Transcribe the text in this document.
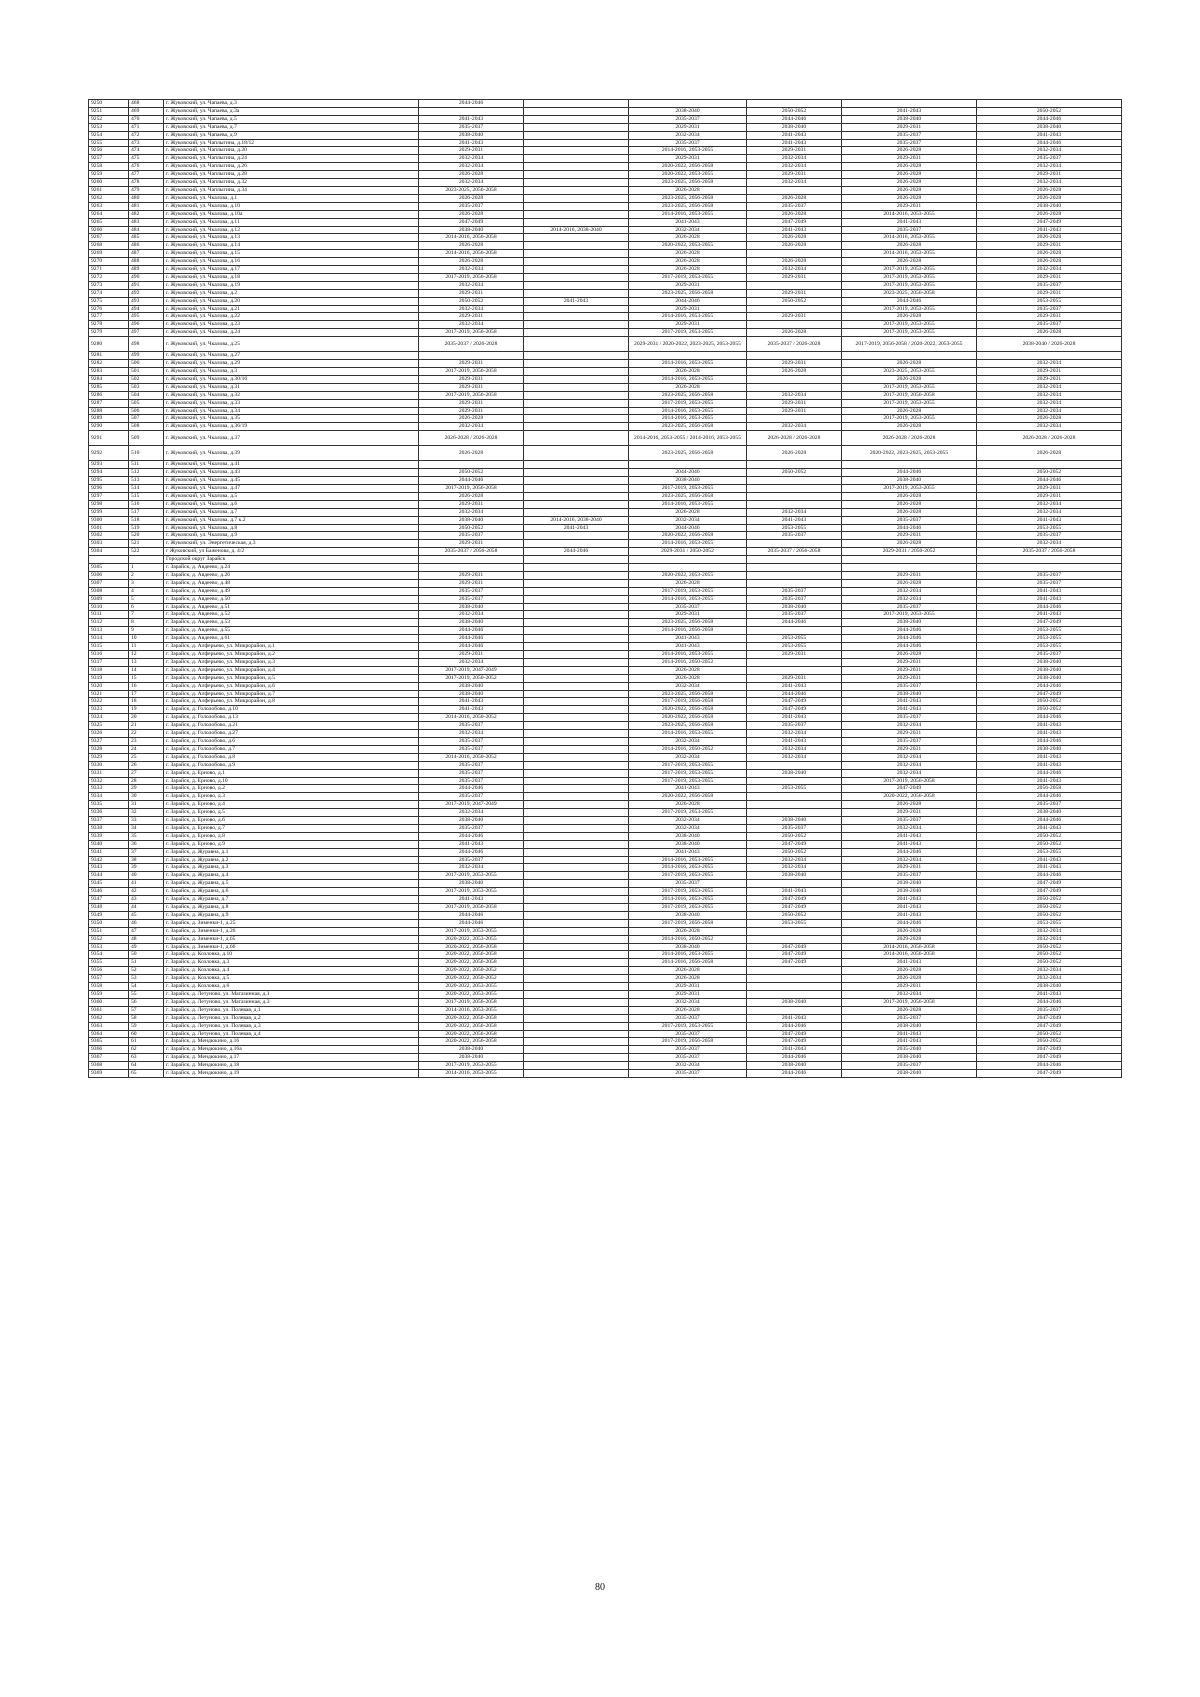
9250	468	г. Жуковский, ул. Чапаева, д.3	2044-2046					
9251	469	г. Жуковский, ул. Чапаева, д.3а			2038-2040	2050-2052	2041-2043	2050-2052
9252	470	г. Жуковский, ул. Чапаева, д.5	2041-2043		2035-2037	2044-2046	2038-2040	2044-2046
9253	471	г. Жуковский, ул. Чапаева, д.7	2035-2037		2029-2031	2038-2040	2029-2031	2038-2040
9254	472	г. Жуковский, ул. Чапаева, д.9	2038-2040		2032-2034	2041-2043	2035-2037	2041-2043
9255	473	г. Жуковский, ул. Чаплыгина, д.18/12	2041-2043		2035-2037	2041-2043	2035-2037	2044-2046
9256	474	г. Жуковский, ул. Чаплыгина, д.20	2029-2031		2014-2016, 2053-2055	2029-2031	2026-2028	2032-2034
9257	475	г. Жуковский, ул. Чаплыгина, д.24	2032-2034		2029-2031	2032-2034	2029-2031	2035-2037
9258	476	г. Жуковский, ул. Чаплыгина, д.26	2032-2034		2020-2022, 2056-2058	2032-2034	2026-2028	2032-2034
9259	477	г. Жуковский, ул. Чаплыгина, д.28	2026-2028		2020-2022, 2053-2055	2029-2031	2026-2028	2029-2031
9260	478	г. Жуковский, ул. Чаплыгина, д.32	2032-2034		2023-2025, 2056-2058	2032-2034	2026-2028	2032-2034
9261	479	г. Жуковский, ул. Чаплыгина, д.34	2023-2025, 2056-2058		2026-2028		2026-2028	2026-2028
9262	480	г. Жуковский, ул. Чкалова, д.1	2026-2028		2023-2025, 2056-2058	2026-2028	2026-2028	2026-2028
9263	481	г. Жуковский, ул. Чкалова, д.10	2035-2037		2023-2025, 2056-2058	2035-2037	2029-2031	2038-2040
9264	482	г. Жуковский, ул. Чкалова, д.10а	2026-2028		2014-2016, 2053-2055	2026-2028	2014-2016, 2053-2055	2026-2028
9265	483	г. Жуковский, ул. Чкалова, д.11	2047-2049		2041-2043	2047-2049	2041-2043	2047-2049
9266	484	г. Жуковский, ул. Чкалова, д.12	2038-2040	2014-2016, 2038-2040	2032-2034	2041-2043	2035-2037	2041-2043
9267	485	г. Жуковский, ул. Чкалова, д.13	2014-2016, 2056-2058		2026-2028	2026-2028	2014-2016, 2053-2055	2026-2028
9268	486	г. Жуковский, ул. Чкалова, д.14	2026-2028		2020-2022, 2053-2055	2026-2028	2026-2028	2029-2031
9269	487	г. Жуковский, ул. Чкалова, д.15	2014-2016, 2056-2058		2026-2028		2014-2016, 2053-2055	2026-2028
9270	488	г. Жуковский, ул. Чкалова, д.16	2026-2028		2026-2028	2026-2028	2026-2028	2026-2028
9271	489	г. Жуковский, ул. Чкалова, д.17	2032-2034		2026-2028	2032-2034	2017-2019, 2053-2055	2032-2034
9272	490	г. Жуковский, ул. Чкалова, д.18	2017-2019, 2056-2058		2017-2019, 2053-2055	2029-2031	2017-2019, 2053-2055	2029-2031
9273	491	г. Жуковский, ул. Чкалова, д.19	2032-2034		2029-2031		2017-2019, 2053-2055	2035-2037
9274	492	г. Жуковский, ул. Чкалова, д.2	2029-2031		2023-2025, 2056-2058	2029-2031	2023-2025, 2056-2058	2029-2031
9275	493	г. Жуковский, ул. Чкалова, д.20	2050-2052	2041-2043	2044-2046	2050-2052	2044-2046	2053-2055
9276	494	г. Жуковский, ул. Чкалова, д.21	2032-2034		2029-2031		2017-2019, 2053-2055	2035-2037
9277	495	г. Жуковский, ул. Чкалова, д.22	2029-2031		2014-2016, 2053-2055	2029-2031	2026-2028	2029-2031
9278	496	г. Жуковский, ул. Чкалова, д.23	2032-2034		2029-2031		2017-2019, 2053-2055	2035-2037
9279	497	г. Жуковский, ул. Чкалова, д.24	2017-2019, 2056-2058		2017-2019, 2053-2055	2026-2028	2017-2019, 2053-2055	2026-2028
9280	498	г. Жуковский, ул. Чкалова, д.25	2035-2037 / 2026-2028		2029-2031 / 2020-2022, 2023-2025, 2053-2055	2035-2037 / 2026-2028	2017-2019, 2056-2058 / 2020-2022, 2053-2055	2038-2040 / 2026-2028
9281	499	г. Жуковский, ул. Чкалова, д.27						
9282	500	г. Жуковский, ул. Чкалова, д.29	2029-2031		2014-2016, 2053-2055	2029-2031	2026-2028	2032-2034
9283	501	г. Жуковский, ул. Чкалова, д.3	2017-2019, 2056-2058		2026-2028	2026-2028	2023-2025, 2053-2055	2029-2031
9284	502	г. Жуковский, ул. Чкалова, д.30/16	2029-2031		2014-2016, 2053-2055		2026-2028	2029-2031
9285	503	г. Жуковский, ул. Чкалова, д.31	2029-2031		2026-2028		2017-2019, 2053-2055	2032-2034
9286	504	г. Жуковский, ул. Чкалова, д.32	2017-2019, 2056-2058		2023-2025, 2056-2058	2032-2034	2017-2019, 2056-2058	2032-2034
9287	505	г. Жуковский, ул. Чкалова, д.33	2029-2031		2017-2019, 2053-2055	2029-2031	2017-2019, 2053-2055	2032-2034
9288	506	г. Жуковский, ул. Чкалова, д.34	2029-2031		2014-2016, 2053-2055	2029-2031	2026-2028	2032-2034
9289	507	г. Жуковский, ул. Чкалова, д.35	2026-2028		2014-2016, 2053-2055		2017-2019, 2053-2055	2026-2028
9290	508	г. Жуковский, ул. Чкалова, д.36/19	2032-2034		2023-2025, 2056-2058	2032-2034	2026-2028	2032-2034
9291	509	г. Жуковский, ул. Чкалова, д.37	2026-2028 / 2026-2028		2014-2016, 2053-2055 / 2014-2016, 2053-2055	2026-2028 / 2026-2028	2026-2028 / 2026-2028	2026-2028 / 2026-2028
9292	510	г. Жуковский, ул. Чкалова, д.39	2026-2028		2023-2025, 2056-2058	2026-2028	2020-2022, 2023-2025, 2053-2055	2026-2028
9293	511	г. Жуковский, ул. Чкалова, д.41						
9294	512	г. Жуковский, ул. Чкалова, д.43	2050-2052		2044-2046	2050-2052	2044-2046	2050-2052
9295	513	г. Жуковский, ул. Чкалова, д.45	2044-2046		2038-2040		2038-2040	2044-2046
9296	514	г. Жуковский, ул. Чкалова, д.47	2017-2019, 2056-2058		2017-2019, 2053-2055		2017-2019, 2053-2055	2029-2031
9297	515	г. Жуковский, ул. Чкалова, д.5	2026-2028		2023-2025, 2056-2058		2026-2028	2029-2031
9298	516	г. Жуковский, ул. Чкалова, д.6	2029-2031		2014-2016, 2053-2055		2026-2028	2032-2034
9299	517	г. Жуковский, ул. Чкалова, д.7	2032-2034		2026-2028	2032-2034	2026-2028	2032-2034
9300	518	г. Жуковский, ул. Чкалова, д.7 к.2	2038-2040	2014-2016, 2038-2040	2032-2034	2041-2043	2035-2037	2041-2043
9301	519	г. Жуковский, ул. Чкалова, д.8	2050-2052	2041-2043	2044-2046	2053-2055	2044-2046	2053-2055
9302	520	г. Жуковский, ул. Чкалова, д.9	2035-2037		2020-2022, 2056-2058	2035-2037	2029-2031	2035-2037
9303	521	г. Жуковский, ул. Энергетическая, д.3	2029-2031		2014-2016, 2053-2055		2026-2028	2032-2034
9304	522	г Жуковский, ул Баженова, д. 4/2	2035-2037 / 2056-2058	2044-2046	2029-2031 / 2050-2052	2035-2037 / 2056-2058	2029-2031 / 2050-2052	2035-2037 / 2056-2058
		Городской округ Зарайск						
9305	1	г. Зарайск, д. Авдеево, д.24						
9306	2	г. Зарайск, д. Авдеево, д.26	2029-2031		2020-2022, 2053-2055		2029-2031	2035-2037
9307	3	г. Зарайск, д. Авдеево, д.48	2029-2031		2026-2028		2026-2028	2035-2037
9308	4	г. Зарайск, д. Авдеево, д.49	2035-2037		2017-2019, 2053-2055	2035-2037	2032-2034	2041-2043
9309	5	г. Зарайск, д. Авдеево, д.50	2035-2037		2014-2016, 2053-2055	2035-2037	2032-2034	2041-2043
9310	6	г. Зарайск, д. Авдеево, д.51	2038-2040		2035-2037	2038-2040	2035-2037	2044-2046
9311	7	г. Зарайск, д. Авдеево, д.52	2032-2034		2029-2031	2035-2037	2017-2019, 2053-2055	2041-2043
9312	8	г. Зарайск, д. Авдеево, д.53	2038-2040		2023-2025, 2056-2058	2044-2046	2038-2040	2047-2049
9313	9	г. Зарайск, д. Авдеево, д.55	2044-2046		2014-2016, 2056-2058		2044-2046	2053-2055
9314	10	г. Зарайск, д. Авдеево, д.61	2044-2046		2041-2043	2053-2055	2044-2046	2053-2055
9315	11	г. Зарайск, д. Алферьево, ул. Микрорайон, д.1	2044-2046		2041-2043	2053-2055	2044-2046	2053-2055
9316	12	г. Зарайск, д. Алферьево, ул. Микрорайон, д.2	2029-2031		2014-2016, 2053-2055	2029-2031	2026-2028	2035-2037
9317	13	г. Зарайск, д. Алферьево, ул. Микрорайон, д.3	2032-2034		2014-2016, 2050-2052		2029-2031	2038-2040
9318	14	г. Зарайск, д. Алферьево, ул. Микрорайон, д.4	2017-2019, 2047-2049		2026-2028		2029-2031	2038-2040
9319	15	г. Зарайск, д. Алферьево, ул. Микрорайон, д.5	2017-2019, 2050-2052		2026-2028	2029-2031	2029-2031	2038-2040
9320	16	г. Зарайск, д. Алферьево, ул. Микрорайон, д.6	2038-2040		2032-2034	2041-2043	2035-2037	2044-2046
9321	17	г. Зарайск, д. Алферьево, ул. Микрорайон, д.7	2038-2040		2023-2025, 2056-2058	2044-2046	2038-2040	2047-2049
9322	18	г. Зарайск, д. Алферьево, ул. Микрорайон, д.8	2041-2043		2017-2019, 2056-2058	2047-2049	2041-2043	2050-2052
9323	19	г. Зарайск, д. Гололобово, д.10	2041-2043		2020-2022, 2056-2058	2047-2049	2041-2043	2050-2052
9324	20	г. Зарайск, д. Гололобово, д.13	2014-2016, 2050-2052		2020-2022, 2056-2058	2041-2043	2035-2037	2044-2046
9325	21	г. Зарайск, д. Гололобово, д.21	2035-2037		2023-2025, 2056-2058	2035-2037	2032-2034	2041-2043
9326	22	г. Зарайск, д. Гололобово, д.27	2032-2034		2014-2016, 2053-2055	2032-2034	2029-2031	2041-2043
9327	23	г. Зарайск, д. Гололобово, д.6	2035-2037		2032-2034	2041-2043	2035-2037	2044-2046
9328	24	г. Зарайск, д. Гололобово, д.7	2035-2037		2014-2016, 2050-2052	2032-2034	2029-2031	2038-2040
9329	25	г. Зарайск, д. Гололобово, д.8	2014-2016, 2050-2052		2032-2034	2032-2034	2032-2034	2041-2043
9330	26	г. Зарайск, д. Гололобово, д.9	2035-2037		2017-2019, 2053-2055		2032-2034	2041-2043
9331	27	г. Зарайск, д. Ерново, д.1	2035-2037		2017-2019, 2053-2055	2038-2040	2032-2034	2044-2046
9332	28	г. Зарайск, д. Ерново, д.10	2035-2037		2017-2019, 2053-2055		2017-2019, 2056-2058	2041-2043
9333	29	г. Зарайск, д. Ерново, д.2	2044-2046		2041-2043	2053-2055	2047-2049	2056-2058
9334	30	г. Зарайск, д. Ерново, д.3	2035-2037		2020-2022, 2056-2058		2020-2022, 2056-2058	2044-2046
9335	31	г. Зарайск, д. Ерново, д.4	2017-2019, 2047-2049		2026-2028		2026-2028	2035-2037
9336	32	г. Зарайск, д. Ерново, д.5	2032-2034		2017-2019, 2053-2055		2029-2031	2038-2040
9337	33	г. Зарайск, д. Ерново, д.6	2038-2040		2032-2034	2038-2040	2035-2037	2044-2046
9338	34	г. Зарайск, д. Ерново, д.7	2035-2037		2032-2034	2035-2037	2032-2034	2041-2043
9339	35	г. Зарайск, д. Ерново, д.8	2044-2046		2038-2040	2050-2052	2041-2043	2050-2052
9340	36	г. Зарайск, д. Ерново, д.9	2041-2043		2038-2040	2047-2049	2041-2043	2050-2052
9341	37	г. Зарайск, д. Журавна, д.1	2044-2046		2041-2043	2050-2052	2044-2046	2053-2055
9342	38	г. Зарайск, д. Журавна, д.2	2035-2037		2014-2016, 2053-2055	2032-2034	2032-2034	2041-2043
9343	39	г. Зарайск, д. Журавна, д.3	2032-2034		2014-2016, 2053-2055	2032-2034	2029-2031	2041-2043
9344	40	г. Зарайск, д. Журавна, д.4	2017-2019, 2053-2055		2017-2019, 2053-2055	2038-2040	2035-2037	2044-2046
9345	41	г. Зарайск, д. Журавна, д.5	2038-2040		2035-2037		2038-2040	2047-2049
9346	42	г. Зарайск, д. Журавна, д.6	2017-2019, 2053-2055		2017-2019, 2053-2055	2041-2043	2038-2040	2047-2049
9347	43	г. Зарайск, д. Журавна, д.7	2041-2043		2014-2016, 2053-2055	2047-2049	2041-2043	2050-2052
9348	44	г. Зарайск, д. Журавна, д.8	2017-2019, 2056-2058		2017-2019, 2053-2055	2047-2049	2041-2043	2050-2052
9349	45	г. Зарайск, д. Журавна, д.9	2044-2046		2038-2040	2050-2052	2041-2043	2050-2052
9350	46	г. Зарайск, д. Зименки-1, д.25	2044-2046		2017-2019, 2056-2058	2053-2055	2044-2046	2053-2055
9351	47	г. Зарайск, д. Зименки-1, д.26	2017-2019, 2053-2055		2026-2028		2026-2028	2032-2034
9352	48	г. Зарайск, д. Зименки-1, д.65	2020-2022, 2053-2055		2014-2016, 2050-2052		2029-2028	2032-2034
9353	49	г. Зарайск, д. Зименки-1, д.66	2020-2022, 2056-2058		2038-2040	2047-2049	2014-2016, 2056-2058	2050-2052
9354	50	г. Зарайск, д. Козловка, д.10	2020-2022, 2056-2058		2014-2016, 2053-2055	2047-2049	2014-2016, 2056-2058	2050-2052
9355	51	г. Зарайск, д. Козловка, д.3	2020-2022, 2056-2058		2014-2016, 2056-2058	2047-2049	2041-2043	2050-2052
9356	52	г. Зарайск, д. Козловка, д.4	2020-2022, 2050-2052		2026-2028		2026-2028	2032-2034
9357	53	г. Зарайск, д. Козловка, д.5	2020-2022, 2050-2052		2026-2028		2026-2028	2032-2034
9358	54	г. Зарайск, д. Козловка, д.6	2020-2022, 2053-2055		2029-2031		2029-2031	2038-2040
9359	55	г. Зарайск, д. Летуново, ул. Магазинная, д.1	2020-2022, 2053-2055		2029-2031		2032-2034	2041-2043
9360	56	г. Зарайск, д. Летуново, ул. Магазинная, д.3	2017-2019, 2056-2058		2032-2034	2038-2040	2017-2019, 2056-2058	2044-2046
9361	57	г. Зарайск, д. Летуново, ул. Полевая, д.1	2014-2016, 2053-2055		2026-2028		2026-2028	2035-2037
9362	58	г. Зарайск, д. Летуново, ул. Полевая, д.2	2020-2022, 2056-2058		2035-2037	2041-2043	2035-2037	2047-2049
9363	59	г. Зарайск, д. Летуново, ул. Полевая, д.3	2020-2022, 2056-2058		2017-2019, 2053-2055	2044-2046	2038-2040	2047-2049
9364	60	г. Зарайск, д. Летуново, ул. Полевая, д.4	2020-2022, 2056-2058		2035-2037	2047-2049	2041-2043	2050-2052
9365	61	г. Зарайск, д. Мендюкино, д.16	2020-2022, 2056-2058		2017-2019, 2056-2058	2047-2049	2041-2043	2050-2052
9366	62	г. Зарайск, д. Мендюкино, д.16а	2038-2040		2035-2037	2041-2043	2035-2040	2047-2049
9367	63	г. Зарайск, д. Мендюкино, д.17	2038-2040		2035-2037	2044-2046	2038-2040	2047-2049
9368	64	г. Зарайск, д. Мендюкино, д.18	2017-2019, 2053-2055		2032-2034	2038-2040	2035-2037	2044-2046
9369	65	г. Зарайск, д. Мендюкино, д.19	2014-2016, 2053-2055		2035-2037	2044-2046	2038-2040	2047-2049
80
